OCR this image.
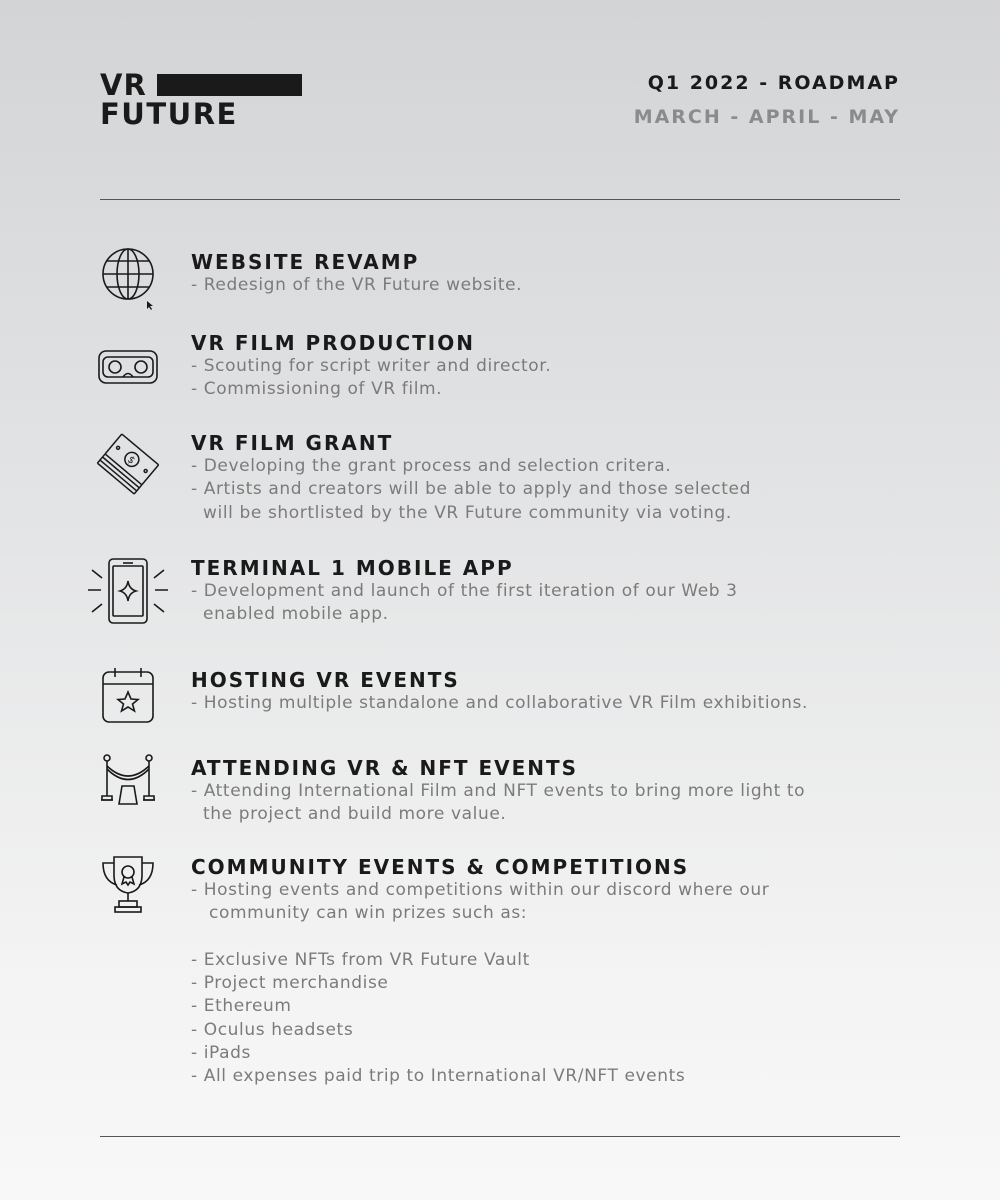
VR
FUTURE
Q1 2022 - ROADMAP
MARCH - APRIL - MAY
WEBSITE REVAMP

- Redesign of the VR Future website.

VR FILM PRODUCTION

- Scouting for script writer and director.

- Commissioning of VR film.

$
VR FILM GRANT

- Developing the grant process and selection critera.

- Artists and creators will be able to apply and those selected

will be shortlisted by the VR Future community via voting.

TERMINAL 1 MOBILE APP

- Development and launch of the first iteration of our Web 3

enabled mobile app.

HOSTING VR EVENTS

- Hosting multiple standalone and collaborative VR Film exhibitions.

ATTENDING VR & NFT EVENTS

- Attending International Film and NFT events to bring more light to

the project and build more value.

COMMUNITY EVENTS & COMPETITIONS

- Hosting events and competitions within our discord where our

community can win prizes such as:

- Exclusive NFTs from VR Future Vault

- Project merchandise

- Ethereum

- Oculus headsets

- iPads

- All expenses paid trip to International VR/NFT events
